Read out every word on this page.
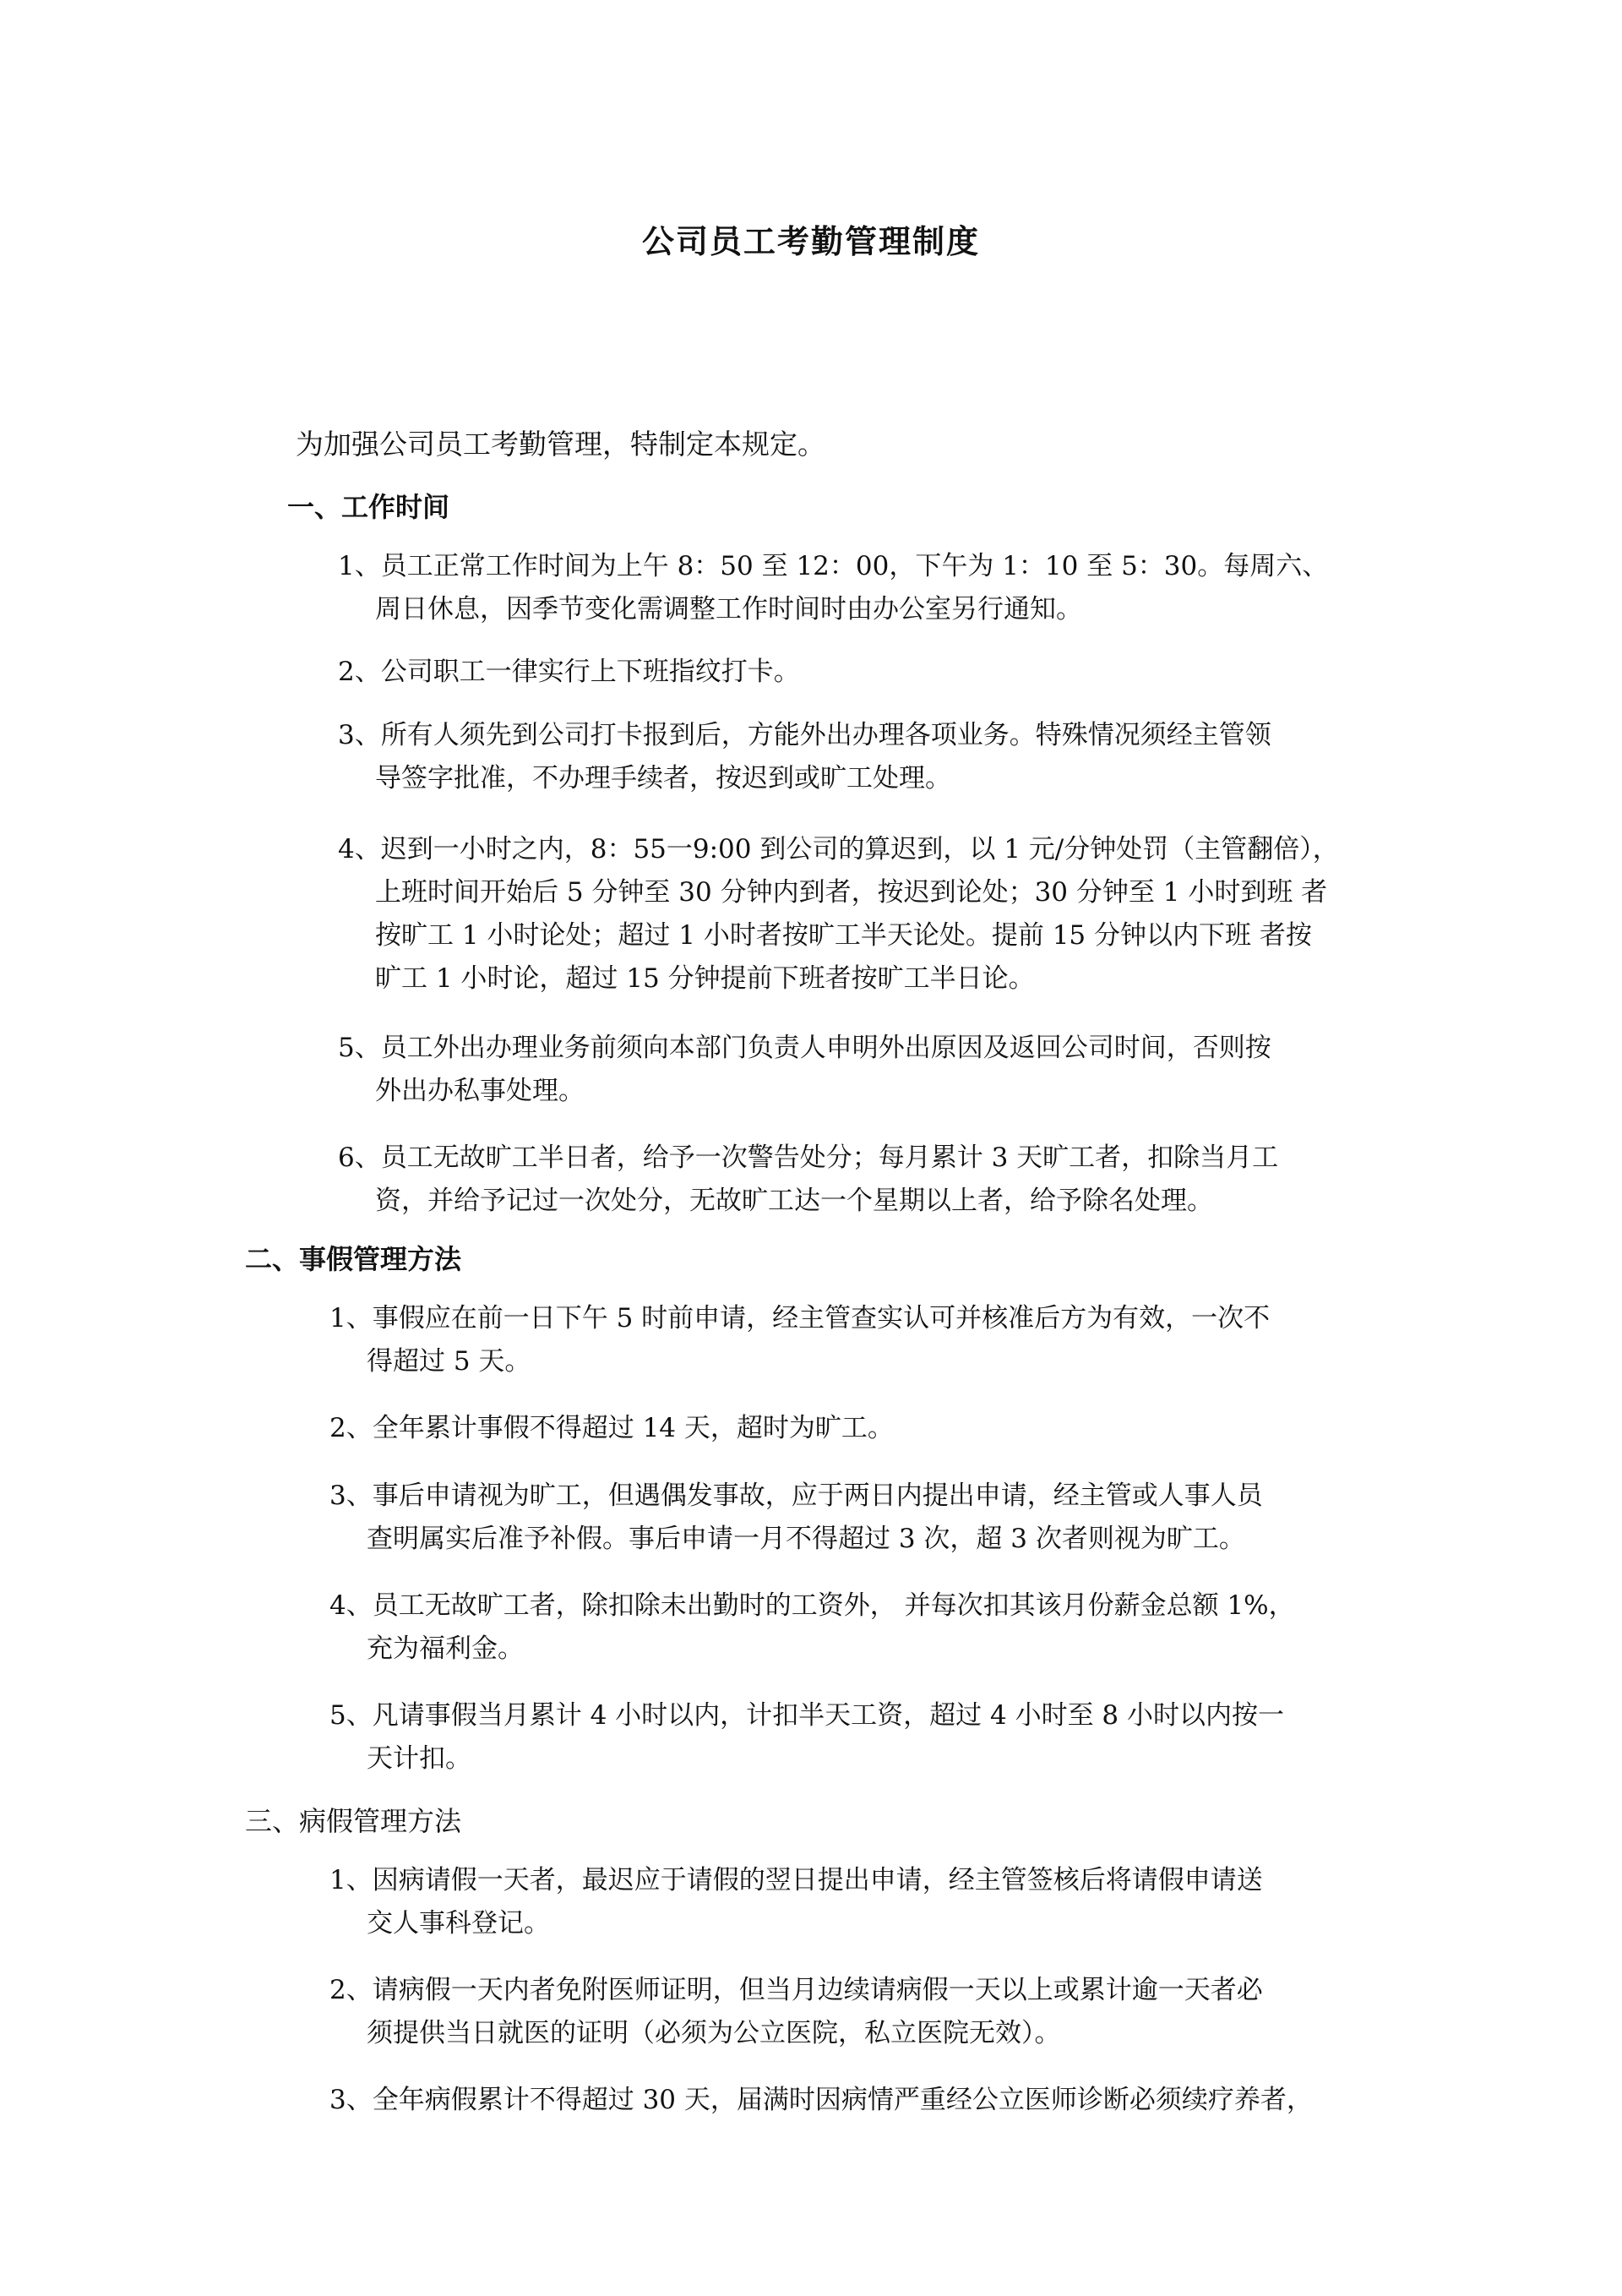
公司员工考勤管理制度
为加强公司员工考勤管理，特制定本规定。
一、工作时间
1、员工正常工作时间为上午 8：50 至 12：00，下午为 1：10 至 5：30。每周六、
周日休息，因季节变化需调整工作时间时由办公室另行通知。
2、公司职工一律实行上下班指纹打卡。
3、所有人须先到公司打卡报到后，方能外出办理各项业务。特殊情况须经主管领
导签字批准，不办理手续者，按迟到或旷工处理。
4、迟到一小时之内，8：55一9:00 到公司的算迟到，以 1 元/分钟处罚（主管翻倍），
上班时间开始后 5 分钟至 30 分钟内到者，按迟到论处；30 分钟至 1 小时到班 者
按旷工 1 小时论处；超过 1 小时者按旷工半天论处。提前 15 分钟以内下班 者按
旷工 1 小时论，超过 15 分钟提前下班者按旷工半日论。
5、员工外出办理业务前须向本部门负责人申明外出原因及返回公司时间，否则按
外出办私事处理。
6、员工无故旷工半日者，给予一次警告处分；每月累计 3 天旷工者，扣除当月工
资，并给予记过一次处分，无故旷工达一个星期以上者，给予除名处理。
二、事假管理方法
1、事假应在前一日下午 5 时前申请，经主管查实认可并核准后方为有效，一次不
得超过 5 天。
2、全年累计事假不得超过 14 天，超时为旷工。
3、事后申请视为旷工，但遇偶发事故，应于两日内提出申请，经主管或人事人员
查明属实后准予补假。事后申请一月不得超过 3 次，超 3 次者则视为旷工。
4、员工无故旷工者，除扣除未出勤时的工资外， 并每次扣其该月份薪金总额 1%，
充为福利金。
5、凡请事假当月累计 4 小时以内，计扣半天工资，超过 4 小时至 8 小时以内按一
天计扣。
三、病假管理方法
1、因病请假一天者，最迟应于请假的翌日提出申请，经主管签核后将请假申请送
交人事科登记。
2、请病假一天内者免附医师证明，但当月边续请病假一天以上或累计逾一天者必
须提供当日就医的证明（必须为公立医院，私立医院无效）。
3、全年病假累计不得超过 30 天，届满时因病情严重经公立医师诊断必须续疗养者，
